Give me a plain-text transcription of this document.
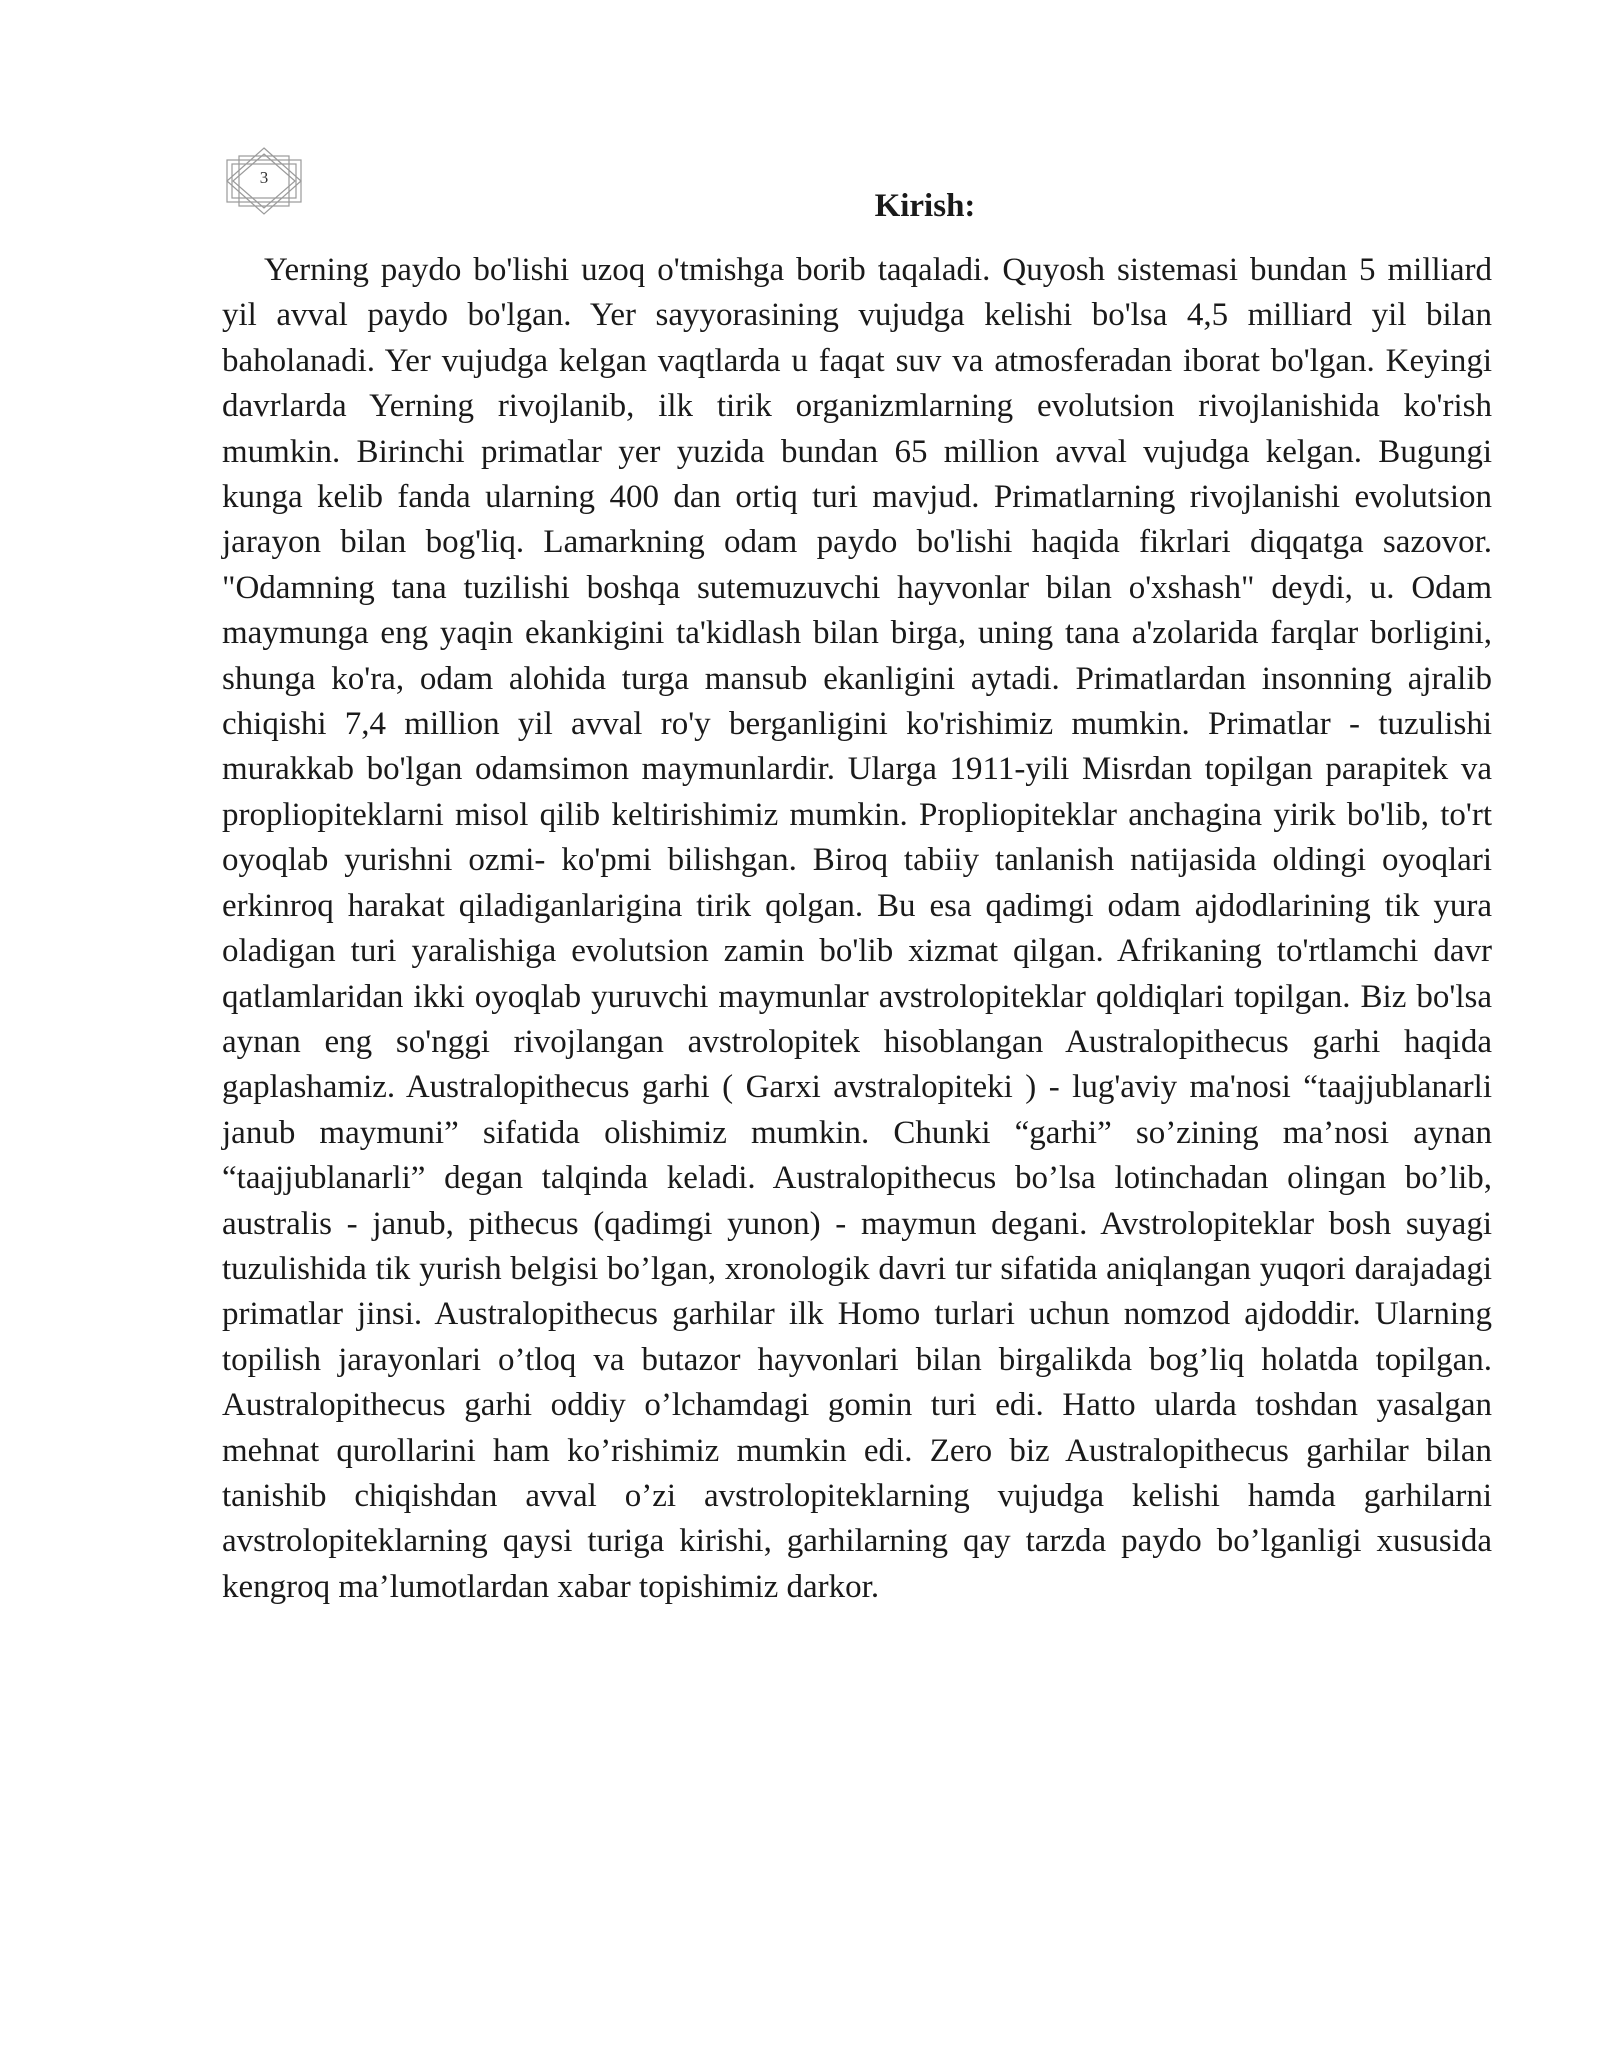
3
Kirish:

Yerning paydo bo'lishi uzoq o'tmishga borib taqaladi. Quyosh sistemasi bundan 5 milliard yil avval paydo bo'lgan. Yer sayyorasining vujudga kelishi bo'lsa 4,5 milliard yil bilan baholanadi. Yer vujudga kelgan vaqtlarda u faqat suv va atmosferadan iborat bo'lgan. Keyingi davrlarda Yerning rivojlanib, ilk tirik organizmlarning evolutsion rivojlanishida ko'rish mumkin. Birinchi primatlar yer yuzida bundan 65 million avval vujudga kelgan. Bugungi kunga kelib fanda ularning 400 dan ortiq turi mavjud. Primatlarning rivojlanishi evolutsion jarayon bilan bog'liq. Lamarkning odam paydo bo'lishi haqida fikrlari diqqatga sazovor. "Odamning tana tuzilishi boshqa sutemuzuvchi hayvonlar bilan o'xshash" deydi, u. Odam maymunga eng yaqin ekankigini ta'kidlash bilan birga, uning tana a'zolarida farqlar borligini, shunga ko'ra, odam alohida turga mansub ekanligini aytadi. Primatlardan insonning ajralib chiqishi 7,4 million yil avval ro'y berganligini ko'rishimiz mumkin. Primatlar - tuzulishi murakkab bo'lgan odamsimon maymunlardir. Ularga 1911-yili Misrdan topilgan parapitek va propliopiteklarni misol qilib keltirishimiz mumkin. Propliopiteklar anchagina yirik bo'lib, to'rt oyoqlab yurishni ozmi- ko'pmi bilishgan. Biroq tabiiy tanlanish natijasida oldingi oyoqlari erkinroq harakat qiladiganlarigina tirik qolgan. Bu esa qadimgi odam ajdodlarining tik yura oladigan turi yaralishiga evolutsion zamin bo'lib xizmat qilgan. Afrikaning to'rtlamchi davr qatlamlaridan ikki oyoqlab yuruvchi maymunlar avstrolopiteklar qoldiqlari topilgan. Biz bo'lsa aynan eng so'nggi rivojlangan avstrolopitek hisoblangan Australopithecus garhi haqida gaplashamiz. Australopithecus garhi ( Garxi avstralopiteki ) - lug'aviy ma'nosi “taajjublanarli janub maymuni” sifatida olishimiz mumkin. Chunki “garhi” so’zining ma’nosi aynan “taajjublanarli” degan talqinda keladi. Australopithecus bo’lsa lotinchadan olingan bo’lib, australis - janub, pithecus (qadimgi yunon) - maymun degani. Avstrolopiteklar bosh suyagi tuzulishida tik yurish belgisi bo’lgan, xronologik davri tur sifatida aniqlangan yuqori darajadagi primatlar jinsi. Australopithecus garhilar ilk Homo turlari uchun nomzod ajdoddir. Ularning topilish jarayonlari o’tloq va butazor hayvonlari bilan birgalikda bog’liq holatda topilgan. Australopithecus garhi oddiy o’lchamdagi gomin turi edi. Hatto ularda toshdan yasalgan mehnat qurollarini ham ko’rishimiz mumkin edi. Zero biz Australopithecus garhilar bilan tanishib chiqishdan avval o’zi avstrolopiteklarning vujudga kelishi hamda garhilarni avstrolopiteklarning qaysi turiga kirishi, garhilarning qay tarzda paydo bo’lganligi xususida kengroq ma’lumotlardan xabar topishimiz darkor.
